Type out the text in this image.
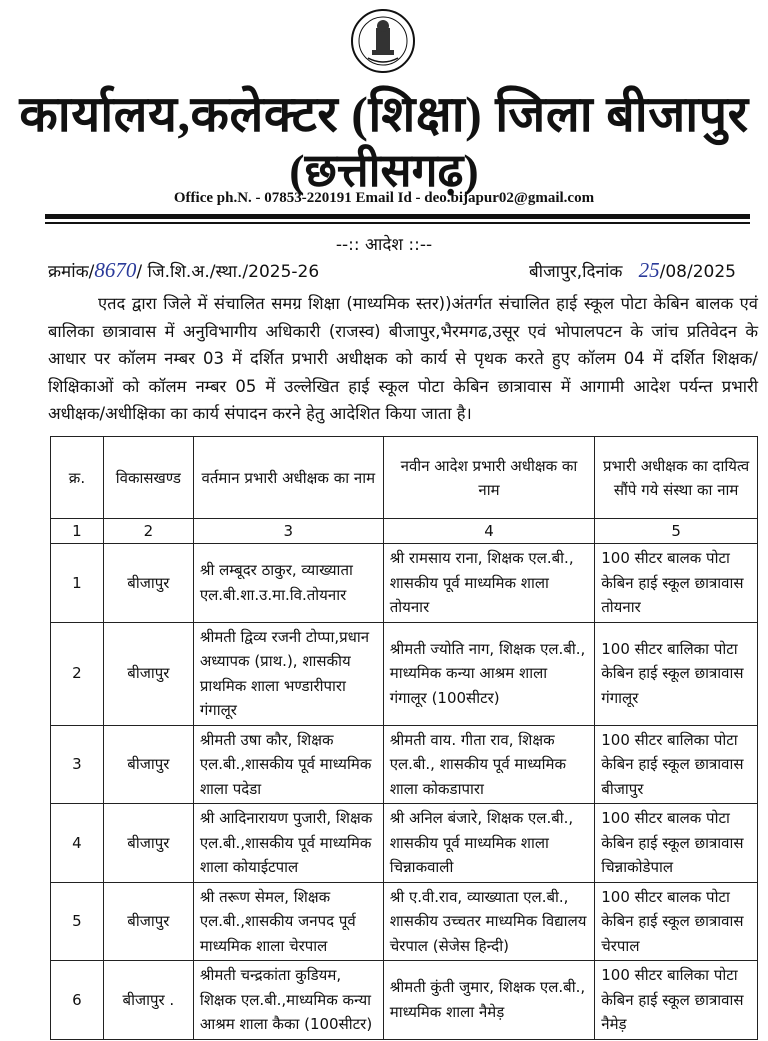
कार्यालय,कलेक्टर (शिक्षा) जिला बीजापुर
(छत्तीसगढ़)
Office ph.N. - 07853-220191 Email Id - deo.bijapur02@gmail.com
--:: आदेश ::--
क्रमांक/8670/ जि.शि.अ./स्था./2025-26	बीजापुर,दिनांक 25/08/2025
एतद द्वारा जिले में संचालित समग्र शिक्षा (माध्यमिक स्तर))अंतर्गत संचालित हाई स्कूल पोटा केबिन बालक एवं बालिका छात्रावास में अनुविभागीय अधिकारी (राजस्व) बीजापुर,भैरमगढ,उसूर एवं भोपालपटन के जांच प्रतिवेदन के आधार पर कॉलम नम्बर 03 में दर्शित प्रभारी अधीक्षक को कार्य से पृथक करते हुए कॉलम 04 में दर्शित शिक्षक/शिक्षिकाओं को कॉलम नम्बर 05 में उल्लेखित हाई स्कूल पोटा केबिन छात्रावास में आगामी आदेश पर्यन्त प्रभारी अधीक्षक/अधीक्षिका का कार्य संपादन करने हेतु आदेशित किया जाता है।
क्र.	विकासखण्ड	वर्तमान प्रभारी अधीक्षक का नाम	नवीन आदेश प्रभारी अधीक्षक का नाम	प्रभारी अधीक्षक का दायित्व सौंपे गये संस्था का नाम
1	2	3	4	5
1	बीजापुर	श्री लम्बूदर ठाकुर, व्याख्याता एल.बी.शा.उ.मा.वि.तोयनार	श्री रामसाय राना, शिक्षक एल.बी., शासकीय पूर्व माध्यमिक शाला तोयनार	100 सीटर बालक पोटा केबिन हाई स्कूल छात्रावास तोयनार
2	बीजापुर	श्रीमती द्विव्य रजनी टोप्पा,प्रधान अध्यापक (प्राथ.), शासकीय प्राथमिक शाला भण्डारीपारा गंगालूर	श्रीमती ज्योति नाग, शिक्षक एल.बी., माध्यमिक कन्या आश्रम शाला गंगालूर (100सीटर)	100 सीटर बालिका पोटा केबिन हाई स्कूल छात्रावास गंगालूर
3	बीजापुर	श्रीमती उषा कौर, शिक्षक एल.बी.,शासकीय पूर्व माध्यमिक शाला पदेडा	श्रीमती वाय. गीता राव, शिक्षक एल.बी., शासकीय पूर्व माध्यमिक शाला कोकडापारा	100 सीटर बालिका पोटा केबिन हाई स्कूल छात्रावास बीजापुर
4	बीजापुर	श्री आदिनारायण पुजारी, शिक्षक एल.बी.,शासकीय पूर्व माध्यमिक शाला कोयाईटपाल	श्री अनिल बंजारे, शिक्षक एल.बी., शासकीय पूर्व माध्यमिक शाला चिन्नाकवाली	100 सीटर बालक पोटा केबिन हाई स्कूल छात्रावास चिन्नाकोडेपाल
5	बीजापुर	श्री तरूण सेमल, शिक्षक एल.बी.,शासकीय जनपद पूर्व माध्यमिक शाला चेरपाल	श्री ए.वी.राव, व्याख्याता एल.बी., शासकीय उच्चतर माध्यमिक विद्यालय चेरपाल (सेजेस हिन्दी)	100 सीटर बालक पोटा केबिन हाई स्कूल छात्रावास चेरपाल
6	बीजापुर .	श्रीमती चन्द्रकांता कुडियम, शिक्षक एल.बी.,माध्यमिक कन्या आश्रम शाला कैका (100सीटर)	श्रीमती कुंती जुमार, शिक्षक एल.बी., माध्यमिक शाला नैमेड़	100 सीटर बालिका पोटा केबिन हाई स्कूल छात्रावास नैमेड़
